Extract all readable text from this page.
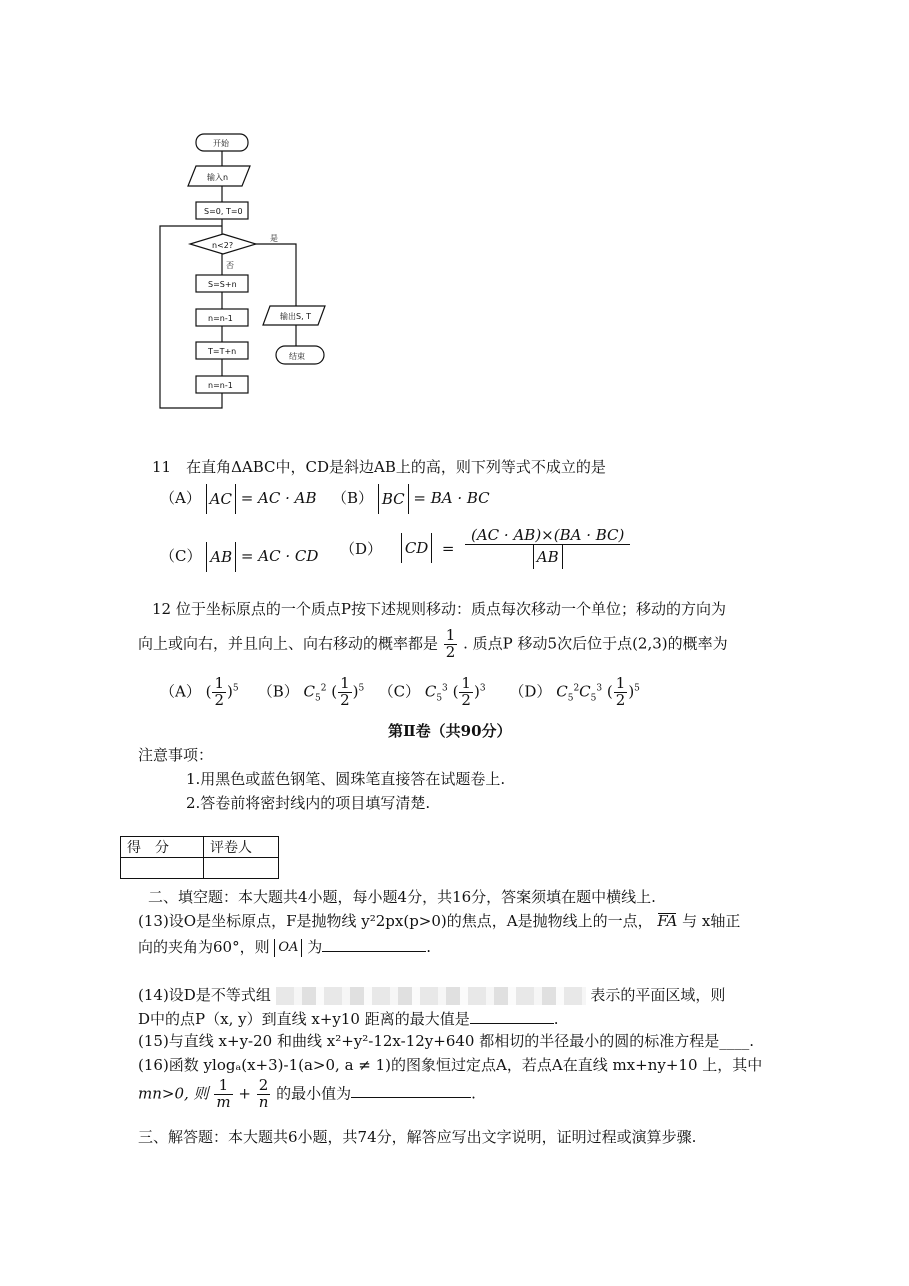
开始
输入n
S=0, T=0
n<2?
是
否
S=S+n
n=n-1
T=T+n
n=n-1
输出S, T
结束
11　在直角ΔABC中，CD是斜边AB上的高，则下列等式不成立的是
（A） AC = AC · AB （B） BC = BA · BC
（C） AB = AC · CD （D） CD  = $\frac{(AC \cdot AB)\times(BA \cdot BC)}{AB}$
12 位于坐标原点的一个质点P按下述规则移动：质点每次移动一个单位；移动的方向为
向上或向右，并且向上、向右移动的概率都是 $\frac{1}{2}$ . 质点P 移动5次后位于点(2,3)的概率为
（A） ( $\frac{1}{2} )^5$ （B） $C_5^2$ ( $\frac{1}{2} )^5$ （C） $C_5^3$ ( $\frac{1}{2} )^3$ （D） $C_5^2C_5^3$ ( $\frac{1}{2} )^5$
第Ⅱ卷（共90分）
注意事项：
1.用黑色或蓝色钢笔、圆珠笔直接答在试题卷上.
2.答卷前将密封线内的项目填写清楚.
得　分	评卷人

二、填空题：本大题共4小题，每小题4分，共16分，答案须填在题中横线上.
(13)设O是坐标原点，F是抛物线 y²2px(p>0)的焦点，A是抛物线上的一点， FA 与 x轴正
向的夹角为60°，则 OA 为	.
(14)设D是不等式组	表示的平面区域，则
D中的点P（x, y）到直线 x+y10 距离的最大值是	.
(15)与直线 x+y-20 和曲线 x²+y²-12x-12y+640 都相切的半径最小的圆的标准方程是____.
(16)函数 ylogₐ(x+3)-1(a>0, a ≠ 1)的图象恒过定点A，若点A在直线 mx+ny+10 上，其中
mn>0, 则 $\frac{1}{m} + \frac{2}{n}$ 的最小值为	.
三、解答题：本大题共6小题，共74分，解答应写出文字说明，证明过程或演算步骤.
